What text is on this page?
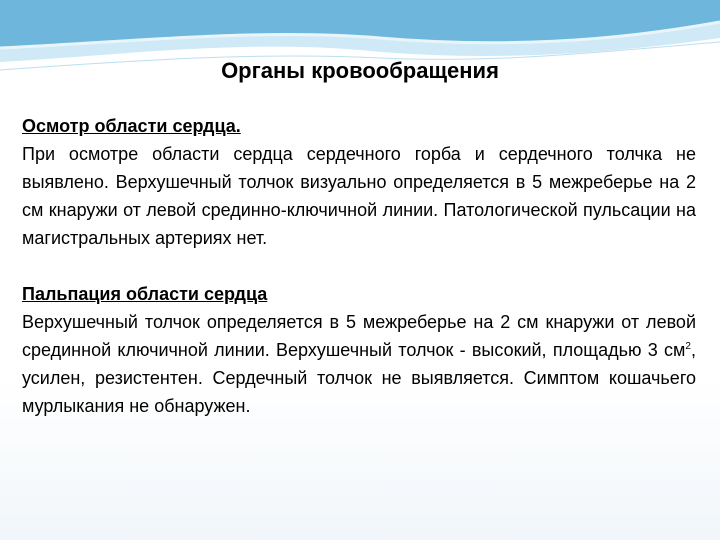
Органы кровообращения

Осмотр области сердца.

При осмотре области сердца сердечного горба и сердечного толчка не выявлено. Верхушечный толчок визуально определяется в 5 межреберье на 2 см кнаружи от левой срединно-ключичной линии. Патологической пульсации на магистральных артериях нет.

Пальпация области сердца

Верхушечный толчок определяется в 5 межреберье на 2 см кнаружи от левой срединной ключичной линии. Верхушечный толчок - высокий, площадью 3 $см^2$, усилен, резистентен. Сердечный толчок не выявляется. Симптом кошачьего мурлыкания не обнаружен.
